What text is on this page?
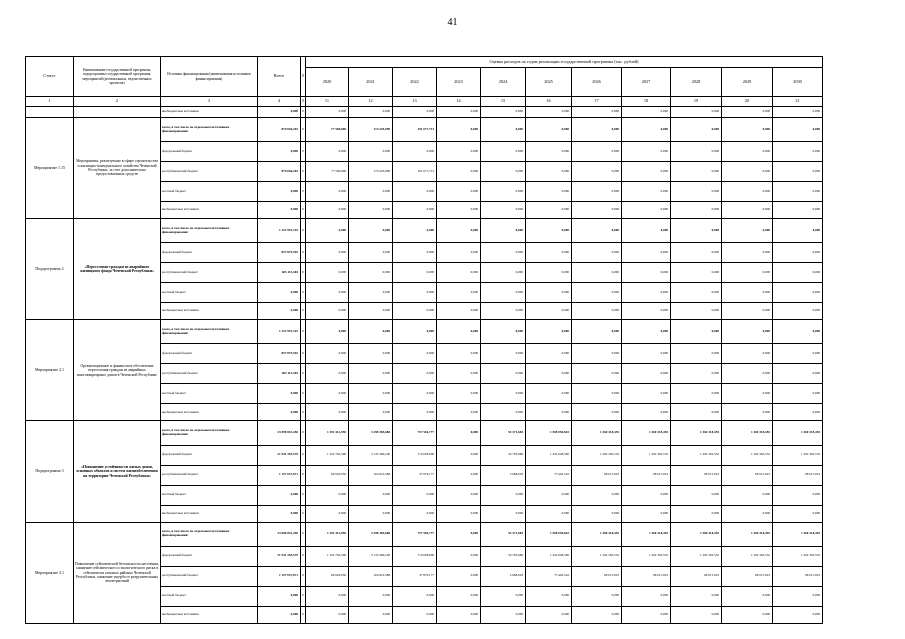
41
Статус	Наименование государственной программы, подпрограммы государственной программы, мероприятий (региональных, ведомственных проектов)	Источник финансирования (наименования источников финансирования)	Всего	8	Оценка расходов по годам реализации государственной программы (тыс. рублей)										
					2020	2021	2022	2023	2024	2025	2026	2027	2028	2029	2030
1	2	3	4	5	11	12	13	14	15	16	17	18	19	20	21
		внебюджетные источники	0,000	0	0,000	0,000	0,000	0,000	0,000	0,000	0,000	0,000	0,000	0,000	0,000
Мероприятие 1.15	Мероприятия, реализуемые в сфере строительства и жилищно-коммунального хозяйства Чеченской Республики, за счет дополнительно предоставленных средств	всего, в том числе по отдельным источникам финансирования:	870 046,263	0	77 500,000	174 245,998	191 077,713	0,000	0,000	0,000	0,000	0,000	0,000	0,000	0,000
		федеральный бюджет	0,000	0	0,000	0,000	0,000	0,000	0,000	0,000	0,000	0,000	0,000	0,000	0,000
		республиканский бюджет	870 046,263	0	77 500,000	174 245,998	191 077,713	0,000	0,000	0,000	0,000	0,000	0,000	0,000	0,000
		местный бюджет	0,000	0	0,000	0,000	0,000	0,000	0,000	0,000	0,000	0,000	0,000	0,000	0,000
		внебюджетные источники	0,000	0	0,000	0,000	0,000	0,000	0,000	0,000	0,000	0,000	0,000	0,000	0,000
Подпрограмма 2	«Переселение граждан из аварийного жилищного фонда Чеченской Республики»	всего, в том числе по отдельным источникам финансирования:	1 322 991,319	0	0,000	0,000	0,000	0,000	0,000	0,000	0,000	0,000	0,000	0,000	0,000
		федеральный бюджет	857 875,916	0	0,000	0,000	0,000	0,000	0,000	0,000	0,000	0,000	0,000	0,000	0,000
		республиканский бюджет	465 115,404	0	0,000	0,000	0,000	0,000	0,000	0,000	0,000	0,000	0,000	0,000	0,000
		местный бюджет	0,000	0	0,000	0,000	0,000	0,000	0,000	0,000	0,000	0,000	0,000	0,000	0,000
		внебюджетные источники	0,000	0	0,000	0,000	0,000	0,000	0,000	0,000	0,000	0,000	0,000	0,000	0,000
Мероприятие 2.1	Организационное и финансовое обеспечение переселения граждан из аварийных многоквартирных домов в Чеченской Республике	всего, в том числе по отдельным источникам финансирования:	1 322 991,319	0	0,000	0,000	0,000	0,000	0,000	0,000	0,000	0,000	0,000	0,000	0,000
		федеральный бюджет	857 875,916	0	0,000	0,000	0,000	0,000	0,000	0,000	0,000	0,000	0,000	0,000	0,000
		республиканский бюджет	465 115,404	0	0,000	0,000	0,000	0,000	0,000	0,000	0,000	0,000	0,000	0,000	0,000
		местный бюджет	0,000	0	0,000	0,000	0,000	0,000	0,000	0,000	0,000	0,000	0,000	0,000	0,000
		внебюджетные источники	0,000	0	0,000	0,000	0,000	0,000	0,000	0,000	0,000	0,000	0,000	0,000	0,000
Подпрограмма 3	«Повышение устойчивости жилых домов, основных объектов и систем жизнеобеспечения на территории Чеченской Республики»	всего, в том числе по отдельным источникам финансирования:	23 098 841,450	0	1 392 412,950	3 298 385,688	757 504,777	0,000	53 371,684	1 508 050,842	1 360 318,455	1 360 318,455	1 360 318,455	1 360 318,455	1 360 318,455
		федеральный бюджет	21 941 203,579	0	1 322 792,300	3 133 466,100	719 628,600	0,000	50 703,066	1 432 648,300	1 292 302,532	1 292 302,532	1 292 302,532	1 292 302,532	1 292 302,532
		республиканский бюджет	1 157 637,871	0	69 620,650	164 919,588	37 876,177	0,000	2 668,618	75 402,542	68 015,923	68 015,923	68 015,923	68 015,923	68 015,923
		местный бюджет	0,000	0	0,000	0,000	0,000	0,000	0,000	0,000	0,000	0,000	0,000	0,000	0,000
		внебюджетные источники	0,000	0	0,000	0,000	0,000	0,000	0,000	0,000	0,000	0,000	0,000	0,000	0,000
Мероприятие 3.1	Повышение сейсмической безопасности населения, снижение сейсмического и экологического риска в сейсмически опасных районах Чеченской Республики, снижение ущерба от разрушительных землетрясений	всего, в том числе по отдельным источникам финансирования:	23 098 841,450	0	1 392 412,950	3 298 385,688	757 504,777	0,000	53 371,684	1 508 050,842	1 360 318,455	1 360 318,455	1 360 318,455	1 360 318,455	1 360 318,455
		федеральный бюджет	21 941 203,579	0	1 322 792,300	3 133 466,100	719 628,600	0,000	50 703,066	1 432 648,300	1 292 302,532	1 292 302,532	1 292 302,532	1 292 302,532	1 292 302,532
		республиканский бюджет	1 157 637,871	0	69 620,650	164 919,588	37 876,177	0,000	2 668,618	75 402,542	68 015,923	68 015,923	68 015,923	68 015,923	68 015,923
		местный бюджет	0,000	0	0,000	0,000	0,000	0,000	0,000	0,000	0,000	0,000	0,000	0,000	0,000
		внебюджетные источники	0,000	0	0,000	0,000	0,000	0,000	0,000	0,000	0,000	0,000	0,000	0,000	0,000
